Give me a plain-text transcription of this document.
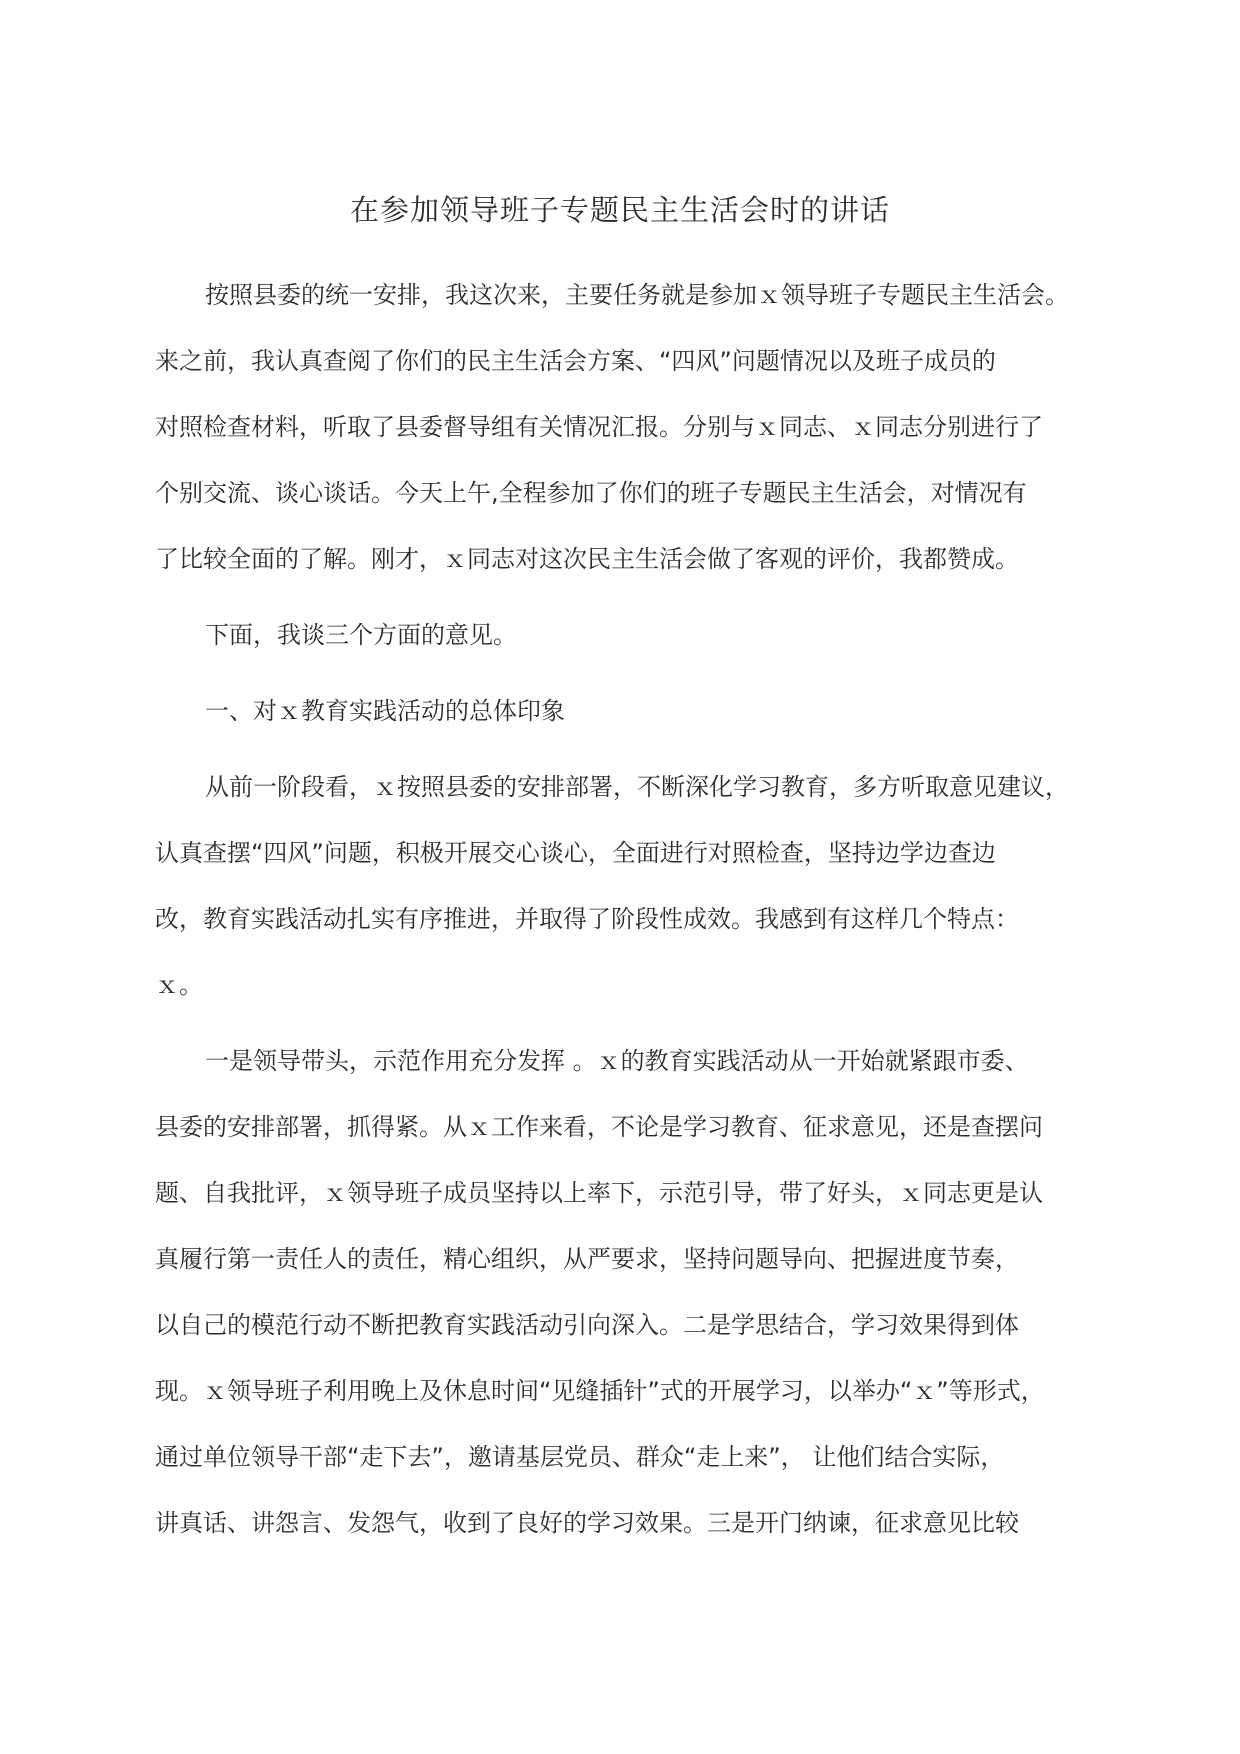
在参加领导班子专题民主生活会时的讲话
按照县委的统一安排，我这次来，主要任务就是参加ｘ领导班子专题民主生活会。
来之前，我认真查阅了你们的民主生活会方案、“四风”问题情况以及班子成员的
对照检查材料，听取了县委督导组有关情况汇报。分别与ｘ同志、ｘ同志分别进行了
个别交流、谈心谈话。今天上午,全程参加了你们的班子专题民主生活会，对情况有
了比较全面的了解。刚才，ｘ同志对这次民主生活会做了客观的评价，我都赞成。
下面，我谈三个方面的意见。
一、对ｘ教育实践活动的总体印象
从前一阶段看，ｘ按照县委的安排部署，不断深化学习教育，多方听取意见建议，
认真查摆“四风”问题，积极开展交心谈心，全面进行对照检查，坚持边学边查边
改，教育实践活动扎实有序推进，并取得了阶段性成效。我感到有这样几个特点：
ｘ。
一是领导带头，示范作用充分发挥 。ｘ的教育实践活动从一开始就紧跟市委、
县委的安排部署，抓得紧。从ｘ工作来看，不论是学习教育、征求意见，还是查摆问
题、自我批评，ｘ领导班子成员坚持以上率下，示范引导，带了好头，ｘ同志更是认
真履行第一责任人的责任，精心组织，从严要求，坚持问题导向、把握进度节奏，
以自己的模范行动不断把教育实践活动引向深入。二是学思结合，学习效果得到体
现。ｘ领导班子利用晚上及休息时间“见缝插针”式的开展学习，以举办“ｘ”等形式，
通过单位领导干部“走下去”，邀请基层党员、群众“走上来”， 让他们结合实际，
讲真话、讲怨言、发怨气，收到了良好的学习效果。三是开门纳谏，征求意见比较
